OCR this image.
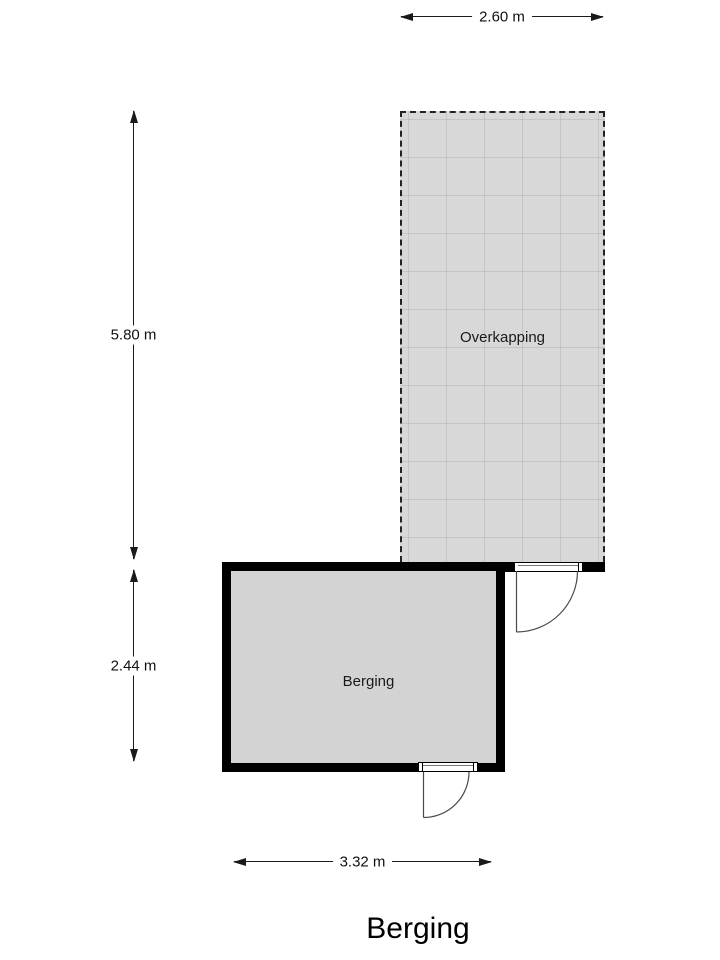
2.60 m
5.80 m
2.44 m
3.32 m
Overkapping
Berging
Berging
